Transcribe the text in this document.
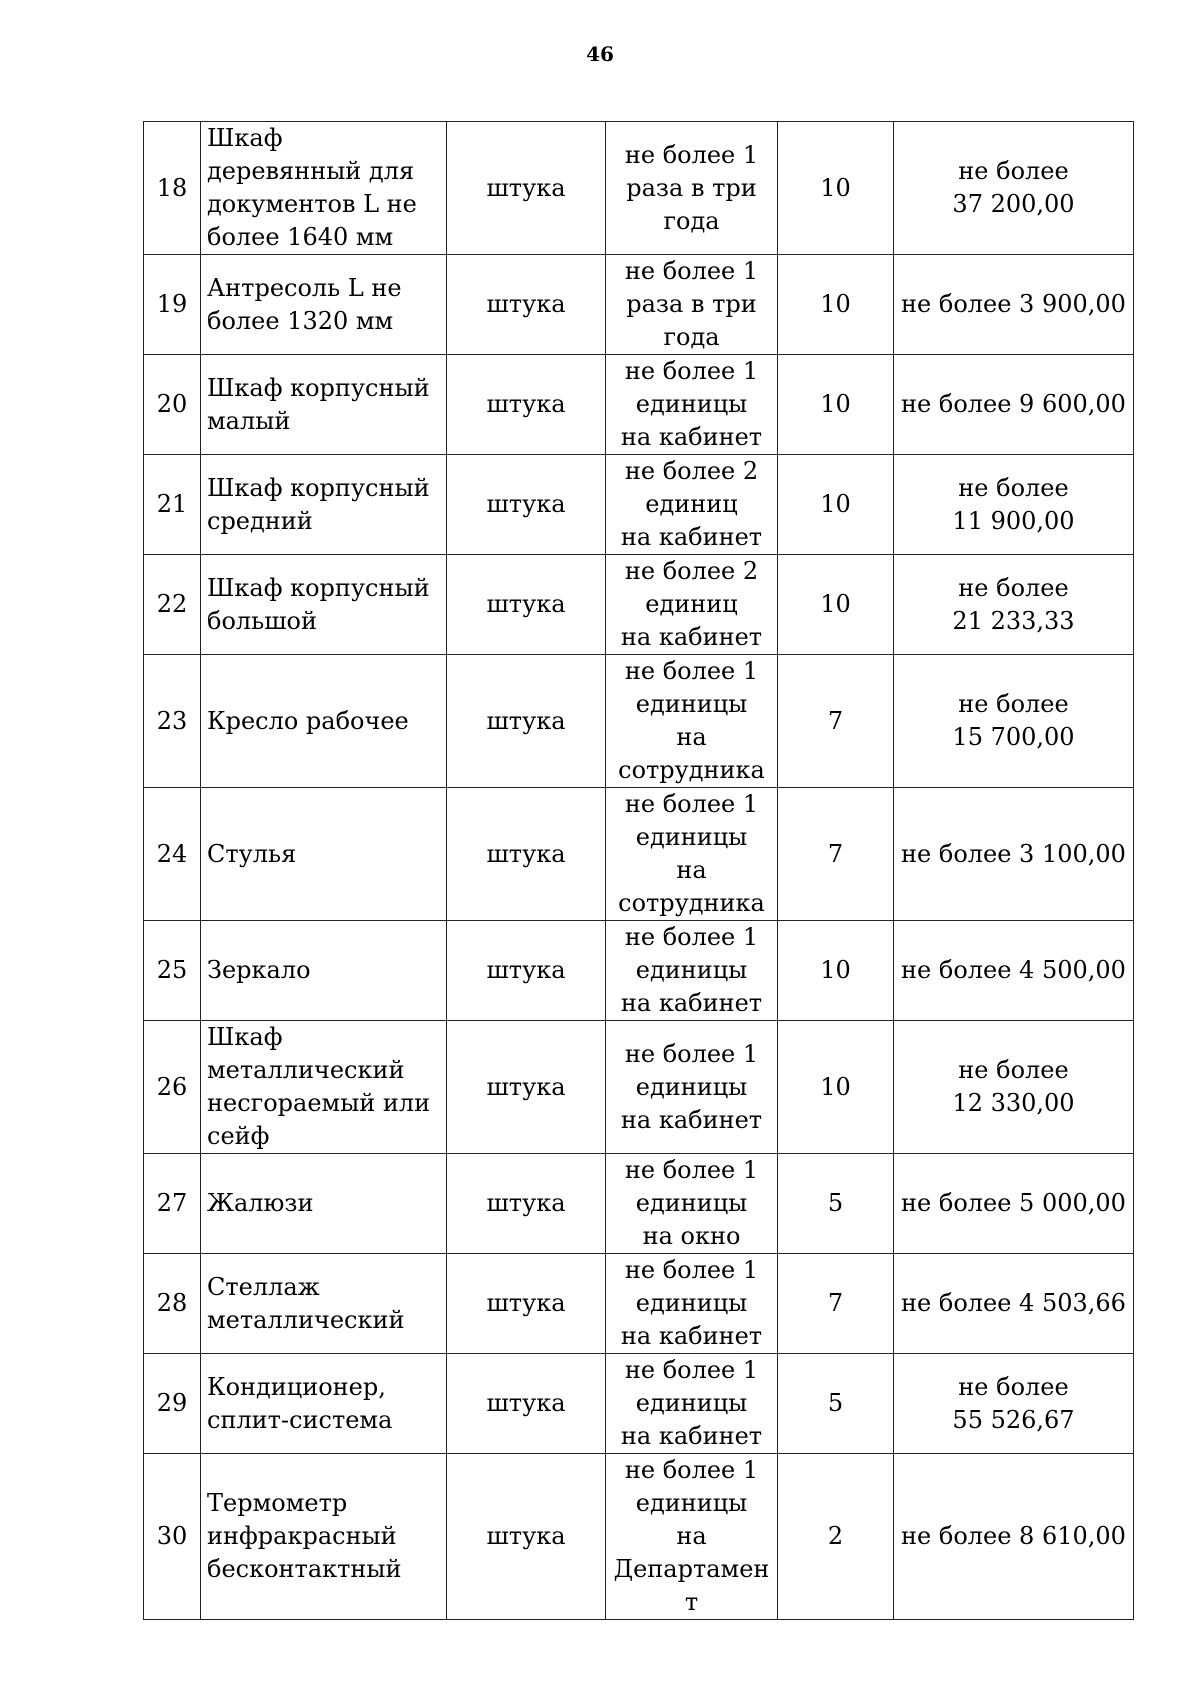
46
18	Шкаф
деревянный для
документов L не
более 1640 мм	штука	не более 1
раза в три
года	10	не более
37 200,00
19	Антресоль L не
более 1320 мм	штука	не более 1
раза в три
года	10	не более 3 900,00
20	Шкаф корпусный
малый	штука	не более 1
единицы
на кабинет	10	не более 9 600,00
21	Шкаф корпусный
средний	штука	не более 2
единиц
на кабинет	10	не более
11 900,00
22	Шкаф корпусный
большой	штука	не более 2
единиц
на кабинет	10	не более
21 233,33
23	Кресло рабочее	штука	не более 1
единицы
на
сотрудника	7	не более
15 700,00
24	Стулья	штука	не более 1
единицы
на
сотрудника	7	не более 3 100,00
25	Зеркало	штука	не более 1
единицы
на кабинет	10	не более 4 500,00
26	Шкаф
металлический
несгораемый или
сейф	штука	не более 1
единицы
на кабинет	10	не более
12 330,00
27	Жалюзи	штука	не более 1
единицы
на окно	5	не более 5 000,00
28	Стеллаж
металлический	штука	не более 1
единицы
на кабинет	7	не более 4 503,66
29	Кондиционер,
сплит-система	штука	не более 1
единицы
на кабинет	5	не более
55 526,67
30	Термометр
инфракрасный
бесконтактный	штука	не более 1
единицы
на
Департамен
т	2	не более 8 610,00
